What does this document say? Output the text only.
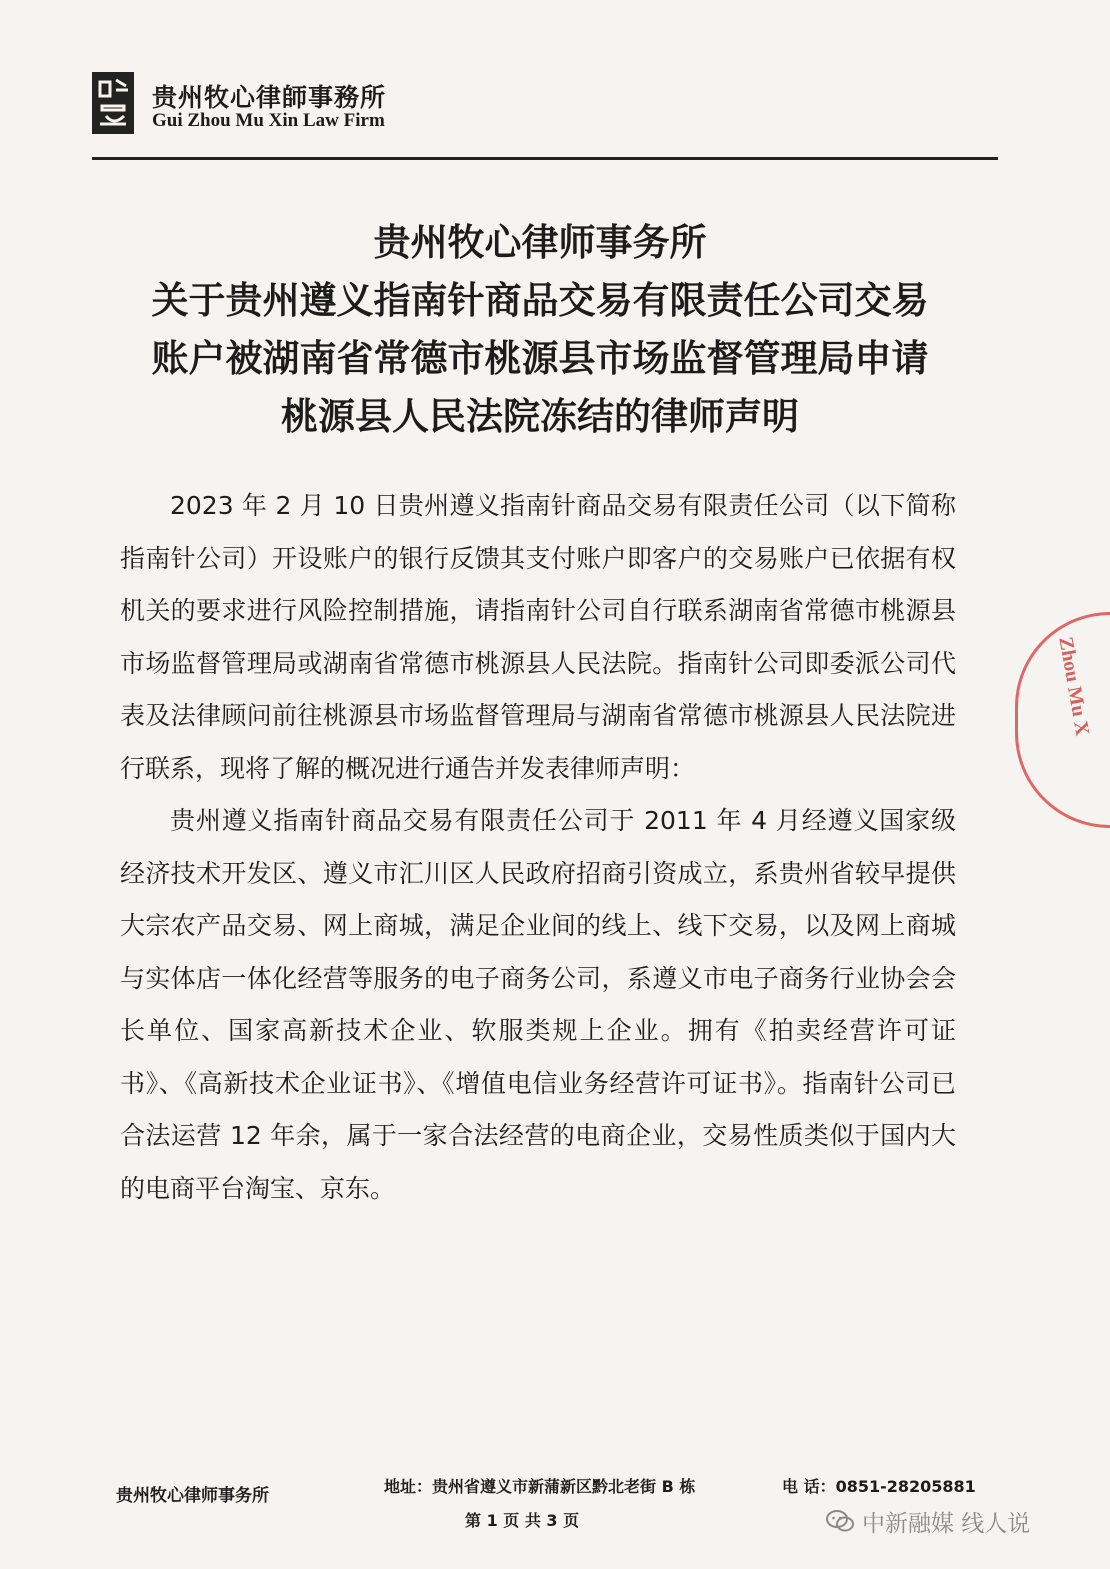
贵州牧心律師事務所
Gui Zhou Mu Xin Law Firm
贵州牧心律师事务所
关于贵州遵义指南针商品交易有限责任公司交易
账户被湖南省常德市桃源县市场监督管理局申请
桃源县人民法院冻结的律师声明

2023 年 2 月 10 日贵州遵义指南针商品交易有限责任公司（以下简称指南针公司）开设账户的银行反馈其支付账户即客户的交易账户已依据有权机关的要求进行风险控制措施，请指南针公司自行联系湖南省常德市桃源县市场监督管理局或湖南省常德市桃源县人民法院。指南针公司即委派公司代表及法律顾问前往桃源县市场监督管理局与湖南省常德市桃源县人民法院进行联系，现将了解的概况进行通告并发表律师声明：

贵州遵义指南针商品交易有限责任公司于 2011 年 4 月经遵义国家级经济技术开发区、遵义市汇川区人民政府招商引资成立，系贵州省较早提供大宗农产品交易、网上商城，满足企业间的线上、线下交易，以及网上商城与实体店一体化经营等服务的电子商务公司，系遵义市电子商务行业协会会长单位、国家高新技术企业、软服类规上企业。拥有《拍卖经营许可证书》、《高新技术企业证书》、《增值电信业务经营许可证书》。指南针公司已合法运营 12 年余，属于一家合法经营的电商企业，交易性质类似于国内大的电商平台淘宝、京东。

Zhou Mu X
贵州牧心律师事务所	地址：贵州省遵义市新蒲新区黔北老街 B 栋	电 话：0851-28205881
第 1 页 共 3 页	中新融媒 线人说
